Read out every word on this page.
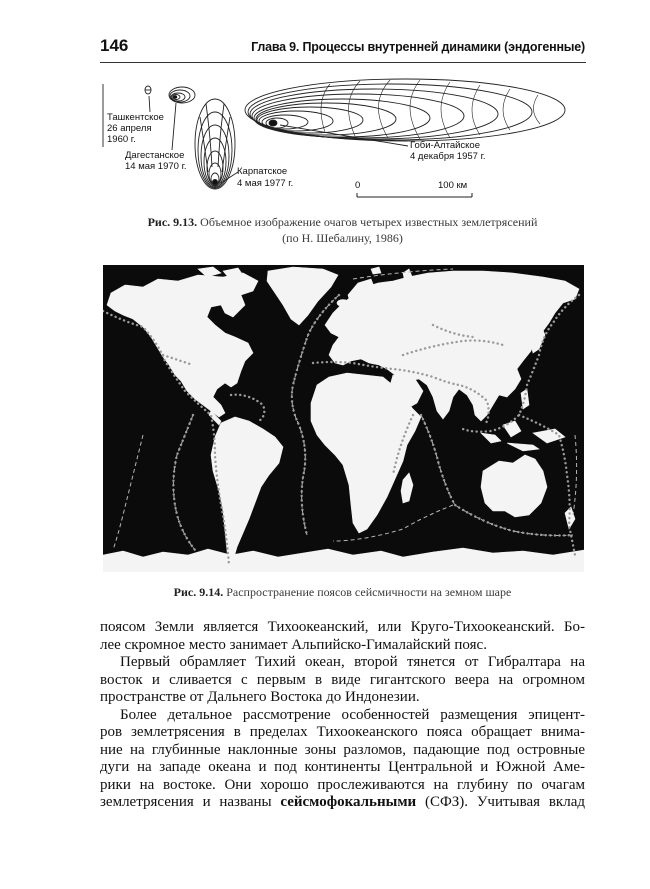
146	Глава 9. Процессы внутренней динамики (эндогенные)
Ташкентское
26 апреля
1960 г.
Дагестанское
14 мая 1970 г.	Карпатское
4 мая 1977 г.
Гоби-Алтайское
4 декабря 1957 г.
0	100 км
Рис. 9.13. Объемное изображение очагов четырех известных землетрясений
(по Н. Шебалину, 1986)
Рис. 9.14. Распространение поясов сейсмичности на земном шаре
поясом Земли является Тихоокеанский, или Круго-Тихоокеанский. Бо-
лее скромное место занимает Альпийско-Гималайский пояс.
Первый обрамляет Тихий океан, второй тянется от Гибралтара на
восток и сливается с первым в виде гигантского веера на огромном
пространстве от Дальнего Востока до Индонезии.
Более детальное рассмотрение особенностей размещения эпицент-
ров землетрясения в пределах Тихоокеанского пояса обращает внима-
ние на глубинные наклонные зоны разломов, падающие под островные
дуги на западе океана и под континенты Центральной и Южной Аме-
рики на востоке. Они хорошо прослеживаются на глубину по очагам
землетрясения и названы сейсмофокальными (СФЗ). Учитывая вклад
